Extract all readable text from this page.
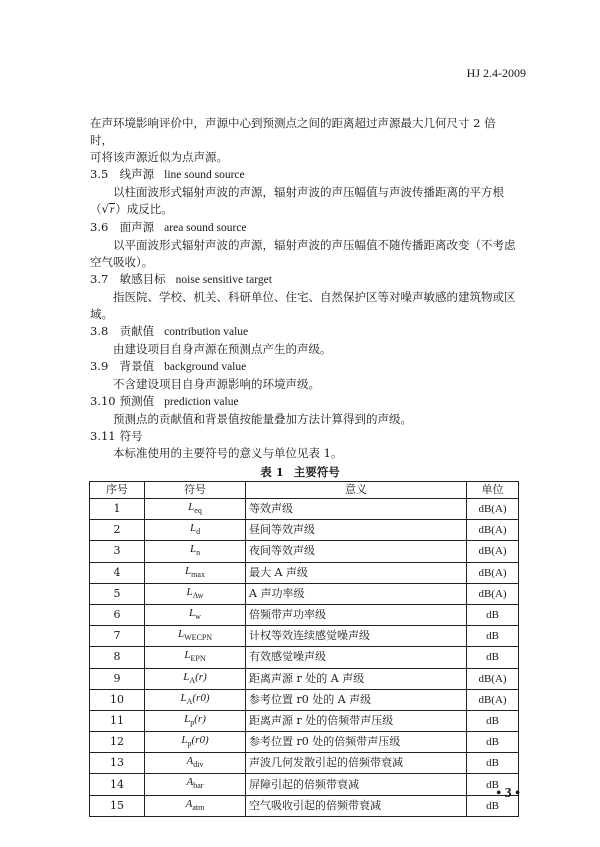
HJ 2.4-2009

在声环境影响评价中，声源中心到预测点之间的距离超过声源最大几何尺寸 2 倍时，

可将该声源近似为点声源。

3.5 线声源 line sound source

以柱面波形式辐射声波的声源，辐射声波的声压幅值与声波传播距离的平方根

（√r）成反比。

3.6 面声源 area sound source

以平面波形式辐射声波的声源，辐射声波的声压幅值不随传播距离改变（不考虑空气吸收）。

3.7 敏感目标 noise sensitive target

指医院、学校、机关、科研单位、住宅、自然保护区等对噪声敏感的建筑物或区域。

3.8 贡献值 contribution value

由建设项目自身声源在预测点产生的声级。

3.9 背景值 background value

不含建设项目自身声源影响的环境声级。

3.10 预测值 prediction value

预测点的贡献值和背景值按能量叠加方法计算得到的声级。

3.11 符号

本标准使用的主要符号的意义与单位见表 1。

表 1 主要符号
序号	符号	意义	单位
1	$L_{eq}$	等效声级	dB(A)
2	$L_d$	昼间等效声级	dB(A)
3	$L_n$	夜间等效声级	dB(A)
4	$L_{max}$	最大 A 声级	dB(A)
5	$L_{Aw}$	A 声功率级	dB(A)
6	$L_w$	倍频带声功率级	dB
7	$L_{WECPN}$	计权等效连续感觉噪声级	dB
8	$L_{EPN}$	有效感觉噪声级	dB
9	$L_A(r)$	距离声源 r 处的 A 声级	dB(A)
10	$L_A(r0)$	参考位置 r0 处的 A 声级	dB(A)
11	$L_p(r)$	距离声源 r 处的倍频带声压级	dB
12	$L_p(r0)$	参考位置 r0 处的倍频带声压级	dB
13	$A_{div}$	声波几何发散引起的倍频带衰减	dB
14	$A_{bar}$	屏障引起的倍频带衰减	dB
15	$A_{atm}$	空气吸收引起的倍频带衰减	dB
• 3 •
